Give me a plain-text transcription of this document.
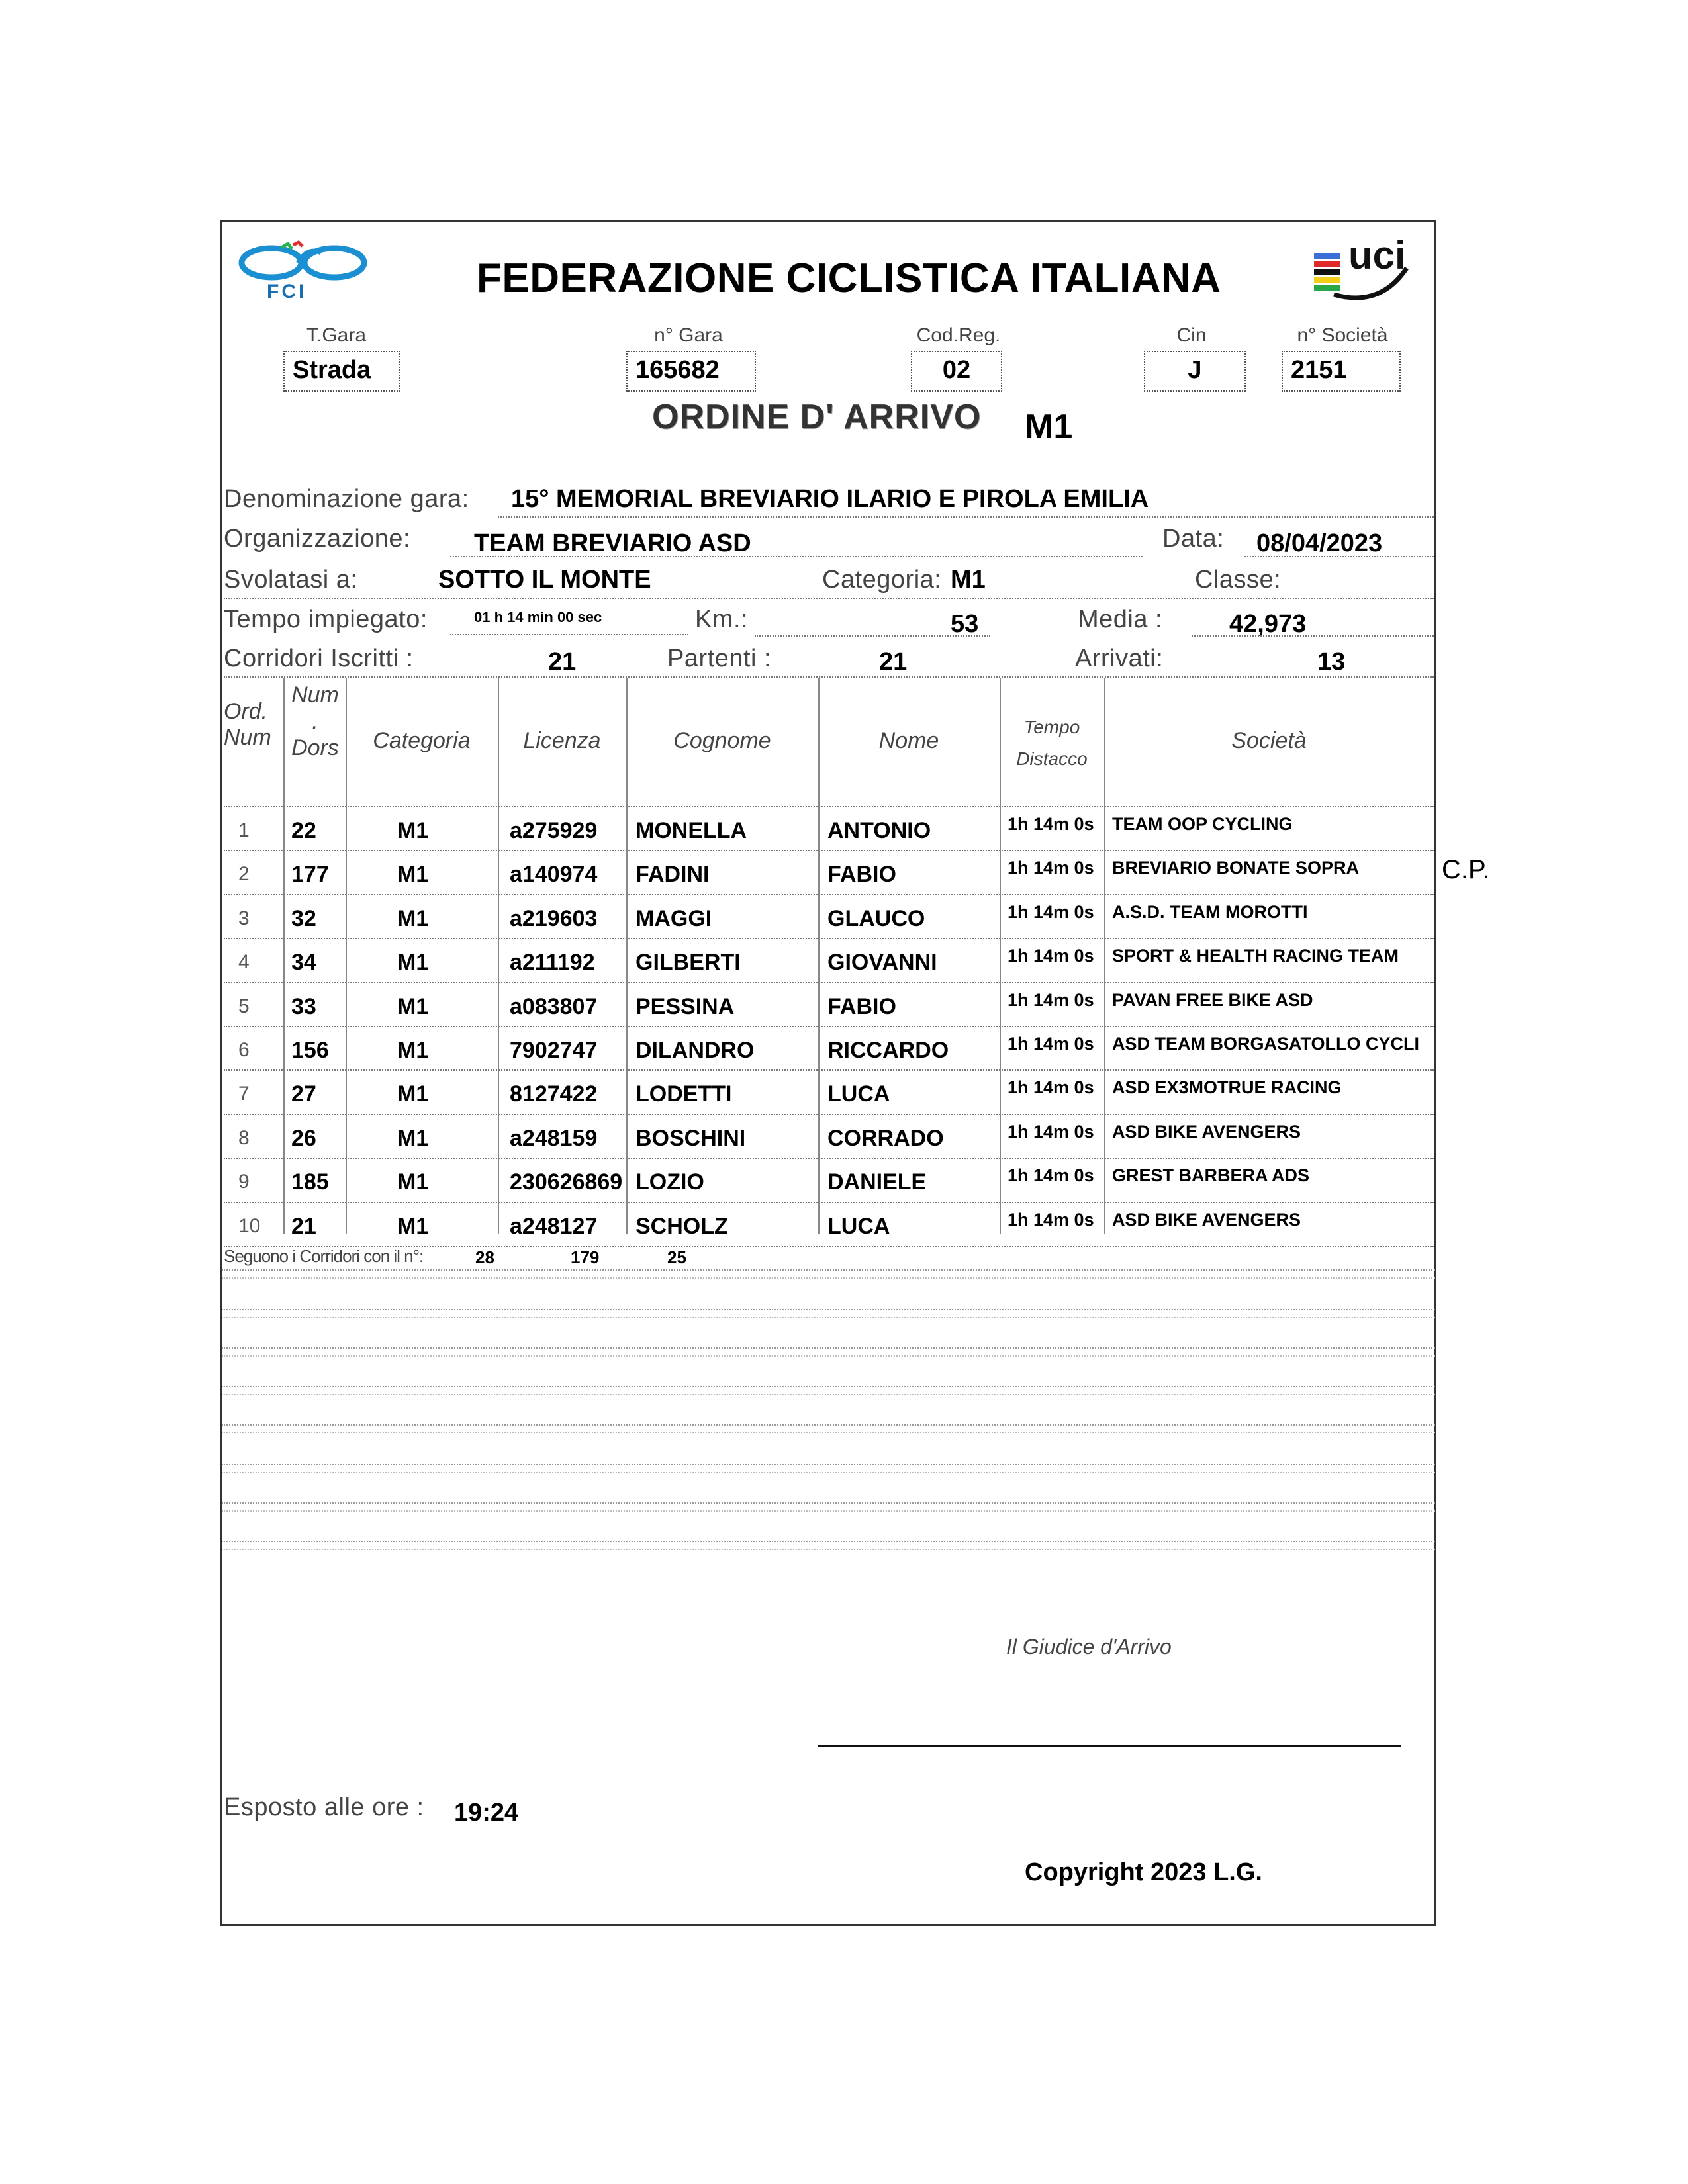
FCI
uci
FEDERAZIONE CICLISTICA ITALIANA
T.Gara
Strada
n° Gara
165682
Cod.Reg.
02
Cin
J
n° Società
2151
ORDINE D' ARRIVO M1
Denominazione gara: 15° MEMORIAL BREVIARIO ILARIO E PIROLA EMILIA
Organizzazione:	TEAM BREVIARIO ASD	Data: 08/04/2023
Svolatasi a:	SOTTO IL MONTE	Categoria: M1	Classe:
Tempo impiegato:	01 h 14 min 00 sec	Km.:	53	Media :	42,973
Corridori Iscritti :	21	Partenti :	21	Arrivati:	13
Ord.
Num
Num
.
Dors	Categoria	Licenza	Cognome	Nome
Tempo
Distacco
Società
1 22	M1	a275929 MONELLA	ANTONIO	1h 14m 0s TEAM OOP CYCLING
2 177	M1	a140974 FADINI	FABIO	1h 14m 0s BREVIARIO BONATE SOPRA
3 32	M1	a219603 MAGGI	GLAUCO	1h 14m 0s A.S.D. TEAM MOROTTI
4 34	M1	a211192 GILBERTI	GIOVANNI	1h 14m 0s SPORT & HEALTH RACING TEAM
5 33	M1	a083807 PESSINA	FABIO	1h 14m 0s PAVAN FREE BIKE ASD
6 156	M1	7902747 DILANDRO	RICCARDO	1h 14m 0s ASD TEAM BORGASATOLLO CYCLI
7 27	M1	8127422 LODETTI	LUCA	1h 14m 0s ASD EX3MOTRUE RACING
8 26	M1	a248159 BOSCHINI	CORRADO	1h 14m 0s ASD BIKE AVENGERS
9 185	M1	230626869 LOZIO	DANIELE	1h 14m 0s GREST BARBERA ADS
10 21	M1	a248127 SCHOLZ	LUCA	1h 14m 0s ASD BIKE AVENGERS
C.P.
Seguono i Corridori con il n°:	28	179	25
Il Giudice d'Arrivo
Esposto alle ore : 19:24
Copyright 2023 L.G.
